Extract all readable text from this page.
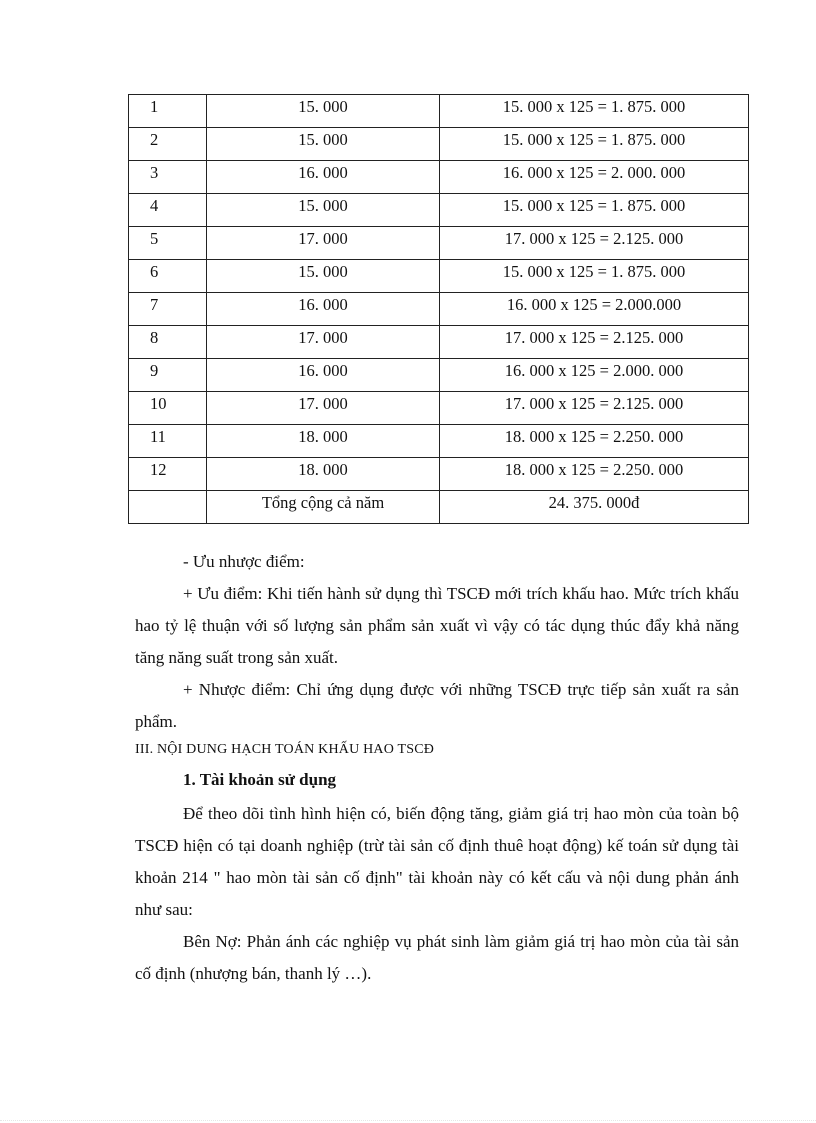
1	15. 000	15. 000 x 125 = 1. 875. 000
2	15. 000	15. 000 x 125 = 1. 875. 000
3	16. 000	16. 000 x 125 = 2. 000. 000
4	15. 000	15. 000 x 125 = 1. 875. 000
5	17. 000	17. 000 x 125 = 2.125. 000
6	15. 000	15. 000 x 125 = 1. 875. 000
7	16. 000	16. 000 x 125 = 2.000.000
8	17. 000	17. 000 x 125 = 2.125. 000
9	16. 000	16. 000 x 125 = 2.000. 000
10	17. 000	17. 000 x 125 = 2.125. 000
11	18. 000	18. 000 x 125 = 2.250. 000
12	18. 000	18. 000 x 125 = 2.250. 000
	Tổng cộng cả năm	24. 375. 000đ

- Ưu nhược điểm:

+ Ưu điểm: Khi tiến hành sử dụng thì TSCĐ mới trích khấu hao. Mức trích khấu hao tỷ lệ thuận với số lượng sản phẩm sản xuất vì vậy có tác dụng thúc đẩy khả năng tăng năng suất trong sản xuất.

+ Nhược điểm: Chỉ ứng dụng được với những TSCĐ trực tiếp sản xuất ra sản phẩm.

III. NỘI DUNG HẠCH TOÁN KHẤU HAO TSCĐ
1. Tài khoản sử dụng

Để theo dõi tình hình hiện có, biến động tăng, giảm giá trị hao mòn của toàn bộ TSCĐ hiện có tại doanh nghiệp (trừ tài sản cố định thuê hoạt động) kế toán sử dụng tài khoản 214 " hao mòn tài sản cố định" tài khoản này có kết cấu và nội dung phản ánh như sau:

Bên Nợ: Phản ánh các nghiệp vụ phát sinh làm giảm giá trị hao mòn của tài sản cố định (nhượng bán, thanh lý …).
